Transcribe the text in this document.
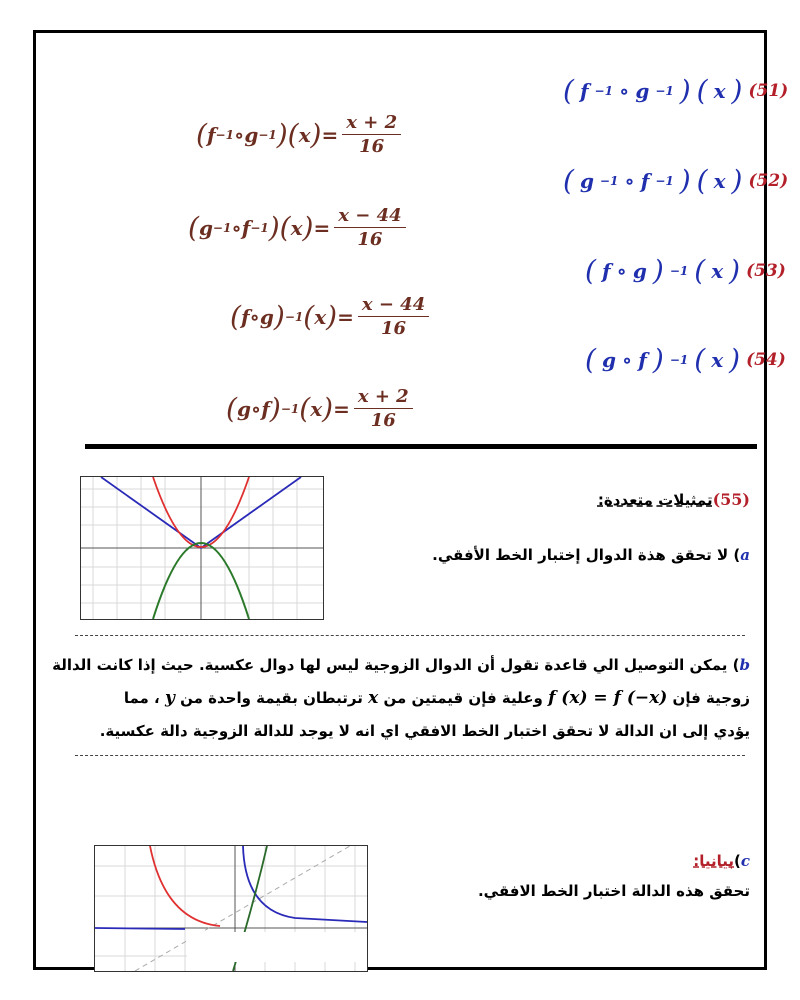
( f −1 ∘ g −1 ) ( x ) (51)
( f −1 ∘ g −1 ) ( x ) = $\frac{x + 2}{16}$
( g −1 ∘ f −1 ) ( x ) (52)
( g −1 ∘ f −1 ) ( x ) = $\frac{x - 44}{16}$
( f ∘ g ) −1 ( x ) (53)
( f ∘ g ) −1 ( x ) = $\frac{x - 44}{16}$
( g ∘ f ) −1 ( x ) (54)
( g ∘ f ) −1 ( x ) = $\frac{x + 2}{16}$
(55)تمثيلات متعددة:
a) لا تحقق هذة الدوال إختبار الخط الأفقي.
b) يمكن التوصيل الي قاعدة تقول أن الدوال الزوجية ليس لها دوال عكسية. حيث إذا كانت الدالة
زوجية فإن f (x) = f (−x) وعلية فإن قيمتين من x ترتبطان بقيمة واحدة من y ، مما
يؤدي إلى ان الدالة لا تحقق اختبار الخط الافقي اي انه لا يوجد للدالة الزوجية دالة عكسية.
c)بيانيا:
تحقق هذه الدالة اختبار الخط الافقي.
